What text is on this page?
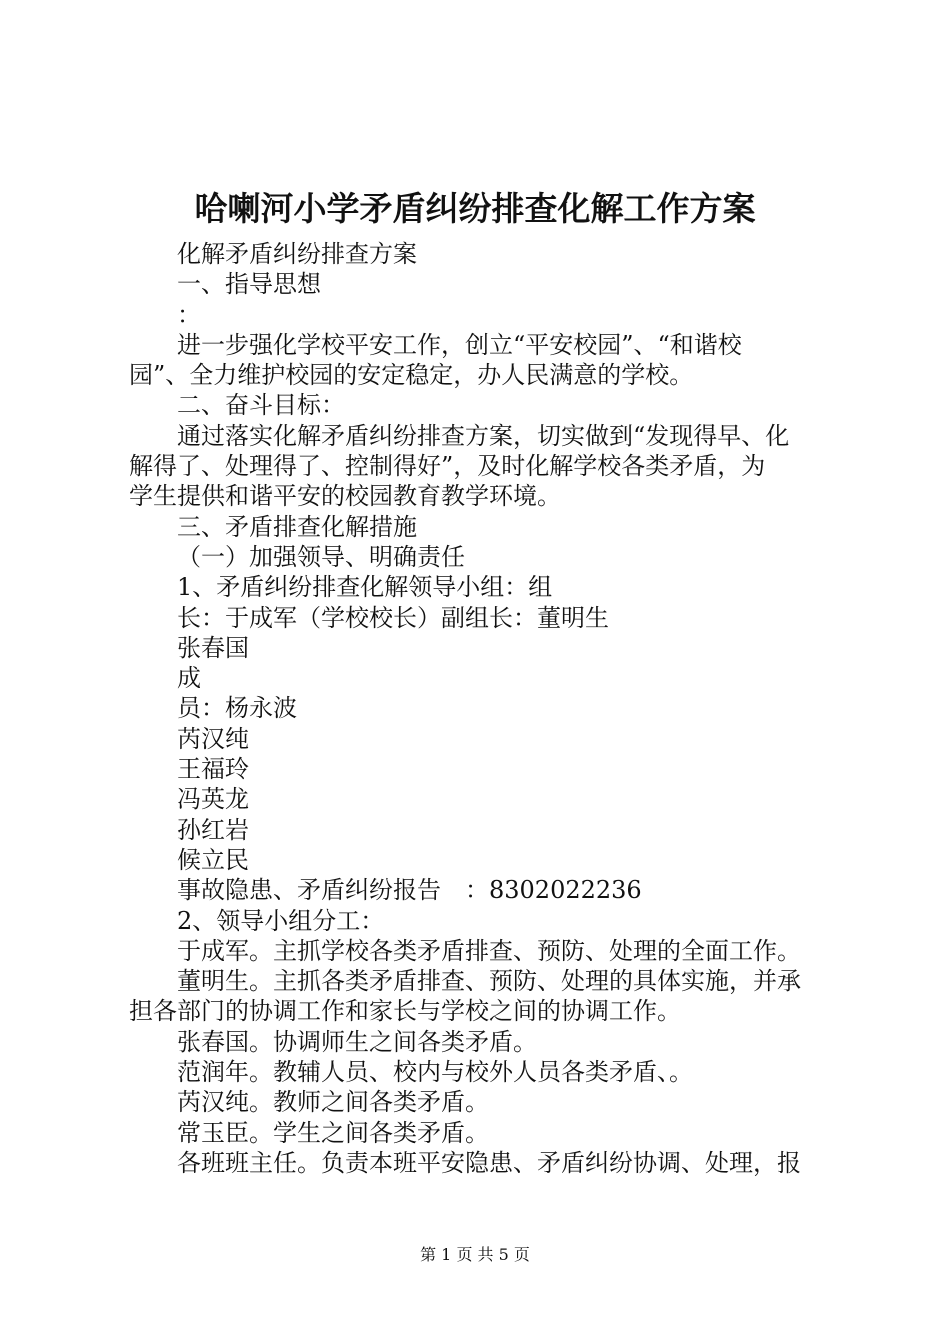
哈喇河小学矛盾纠纷排查化解工作方案
化解矛盾纠纷排查方案
一、指导思想
：
进一步强化学校平安工作，创立“平安校园”、“和谐校
园”、全力维护校园的安定稳定，办人民满意的学校。
二、奋斗目标：
通过落实化解矛盾纠纷排查方案，切实做到“发现得早、化
解得了、处理得了、控制得好”，及时化解学校各类矛盾，为
学生提供和谐平安的校园教育教学环境。
三、矛盾排查化解措施
（一）加强领导、明确责任
1、矛盾纠纷排查化解领导小组：组
长：于成军（学校校长）副组长：董明生
张春国
成
员：杨永波
芮汉纯
王福玲
冯英龙
孙红岩
候立民
事故隐患、矛盾纠纷报告　：8302022236
2、领导小组分工：
于成军。主抓学校各类矛盾排查、预防、处理的全面工作。
董明生。主抓各类矛盾排查、预防、处理的具体实施，并承
担各部门的协调工作和家长与学校之间的协调工作。
张春国。协调师生之间各类矛盾。
范润年。教辅人员、校内与校外人员各类矛盾、。
芮汉纯。教师之间各类矛盾。
常玉臣。学生之间各类矛盾。
各班班主任。负责本班平安隐患、矛盾纠纷协调、处理，报
第 1 页 共 5 页
